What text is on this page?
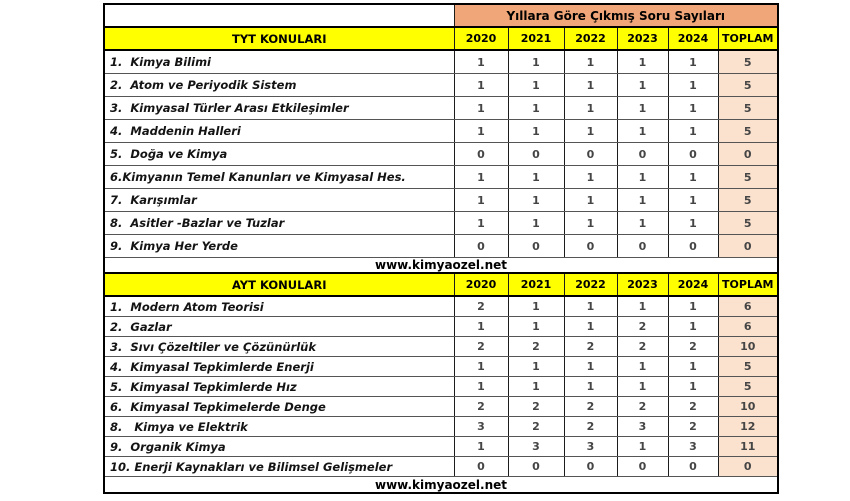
	Yıllara Göre Çıkmış Soru Sayıları					
TYT KONULARI	2020	2021	2022	2023	2024	TOPLAM
1.  Kimya Bilimi	1	1	1	1	1	5
2.  Atom ve Periyodik Sistem	1	1	1	1	1	5
3.  Kimyasal Türler Arası Etkileşimler	1	1	1	1	1	5
4.  Maddenin Halleri	1	1	1	1	1	5
5.  Doğa ve Kimya	0	0	0	0	0	0
6.Kimyanın Temel Kanunları ve Kimyasal Hes.	1	1	1	1	1	5
7.  Karışımlar	1	1	1	1	1	5
8.  Asitler -Bazlar ve Tuzlar	1	1	1	1	1	5
9.  Kimya Her Yerde	0	0	0	0	0	0
www.kimyaozel.net						
AYT KONULARI	2020	2021	2022	2023	2024	TOPLAM
1.  Modern Atom Teorisi	2	1	1	1	1	6
2.  Gazlar	1	1	1	2	1	6
3.  Sıvı Çözeltiler ve Çözünürlük	2	2	2	2	2	10
4.  Kimyasal Tepkimlerde Enerji	1	1	1	1	1	5
5.  Kimyasal Tepkimlerde Hız	1	1	1	1	1	5
6.  Kimyasal Tepkimelerde Denge	2	2	2	2	2	10
8.   Kimya ve Elektrik	3	2	2	3	2	12
9.  Organik Kimya	1	3	3	1	3	11
10. Enerji Kaynakları ve Bilimsel Gelişmeler	0	0	0	0	0	0
www.kimyaozel.net						
